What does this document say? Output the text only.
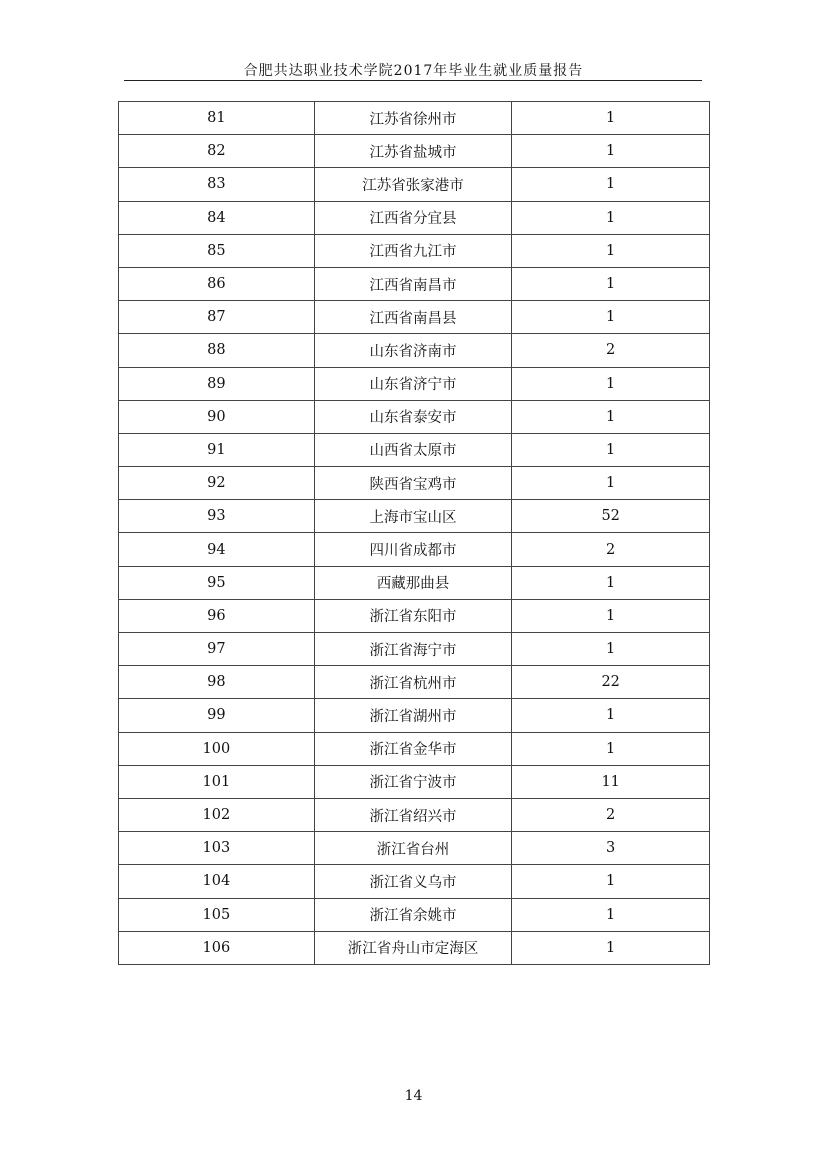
合肥共达职业技术学院2017年毕业生就业质量报告
81	江苏省徐州市	1
82	江苏省盐城市	1
83	江苏省张家港市	1
84	江西省分宜县	1
85	江西省九江市	1
86	江西省南昌市	1
87	江西省南昌县	1
88	山东省济南市	2
89	山东省济宁市	1
90	山东省泰安市	1
91	山西省太原市	1
92	陕西省宝鸡市	1
93	上海市宝山区	52
94	四川省成都市	2
95	西藏那曲县	1
96	浙江省东阳市	1
97	浙江省海宁市	1
98	浙江省杭州市	22
99	浙江省湖州市	1
100	浙江省金华市	1
101	浙江省宁波市	11
102	浙江省绍兴市	2
103	浙江省台州	3
104	浙江省义乌市	1
105	浙江省余姚市	1
106	浙江省舟山市定海区	1
14
